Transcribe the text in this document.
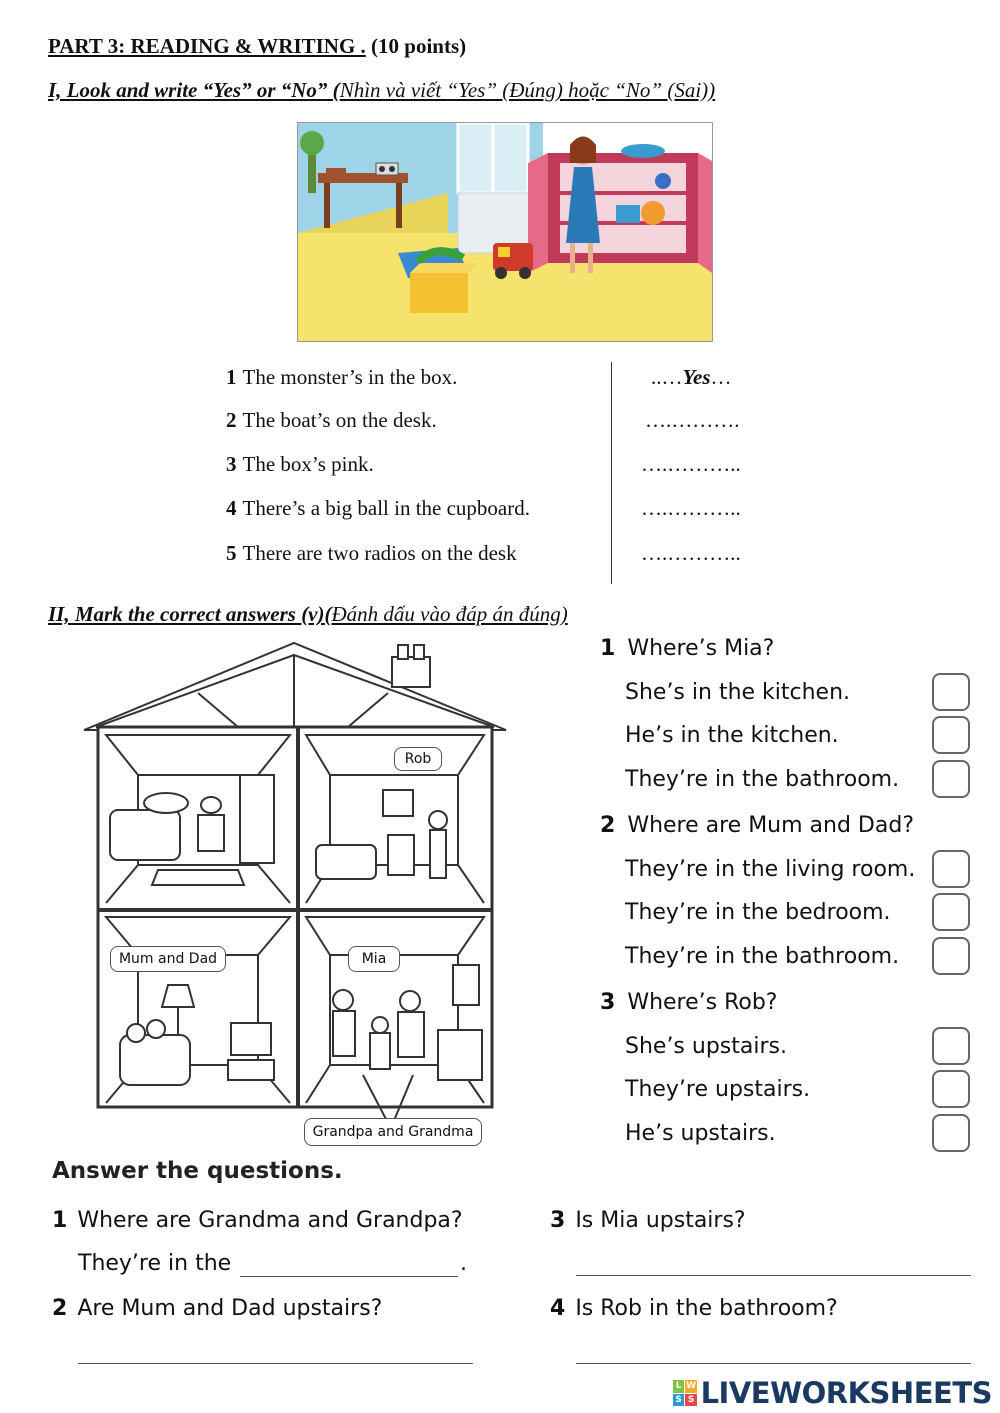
PART 3: READING & WRITING . (10 points)
I, Look and write “Yes” or “No” (Nhìn và viết “Yes” (Đúng) hoặc “No” (Sai))
1 The monster’s in the box.	..…Yes…
2 The boat’s on the desk.	….……….
3 The box’s pink.	….………..
4 There’s a big ball in the cupboard.	….………..
5 There are two radios on the desk	….………..
II, Mark the correct answers (v)(Đánh dấu vào đáp án đúng)
Rob
Mum and Dad	Mia
Grandpa and Grandma
1 Where’s Mia?
She’s in the kitchen.
He’s in the kitchen.
They’re in the bathroom.
2 Where are Mum and Dad?
They’re in the living room.
They’re in the bedroom.
They’re in the bathroom.
3 Where’s Rob?
She’s upstairs.
They’re upstairs.
He’s upstairs.
Answer the questions.
1 Where are Grandma and Grandpa?
They’re in the	.
2 Are Mum and Dad upstairs?
3 Is Mia upstairs?
4 Is Rob in the bathroom?
L W
S S LIVEWORKSHEETS
